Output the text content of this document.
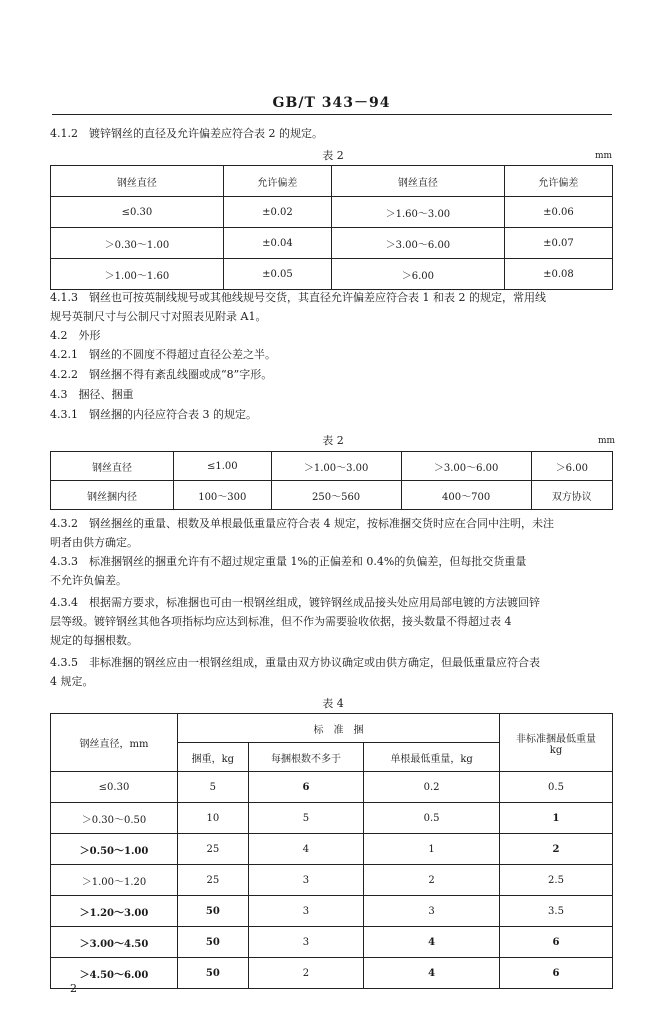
GB/T 343－94
4.1.2　镀锌钢丝的直径及允许偏差应符合表 2 的规定。
表 2	mm
钢丝直径	允许偏差	钢丝直径	允许偏差
≤0.30	±0.02	＞1.60～3.00	±0.06
＞0.30～1.00	±0.04	＞3.00～6.00	±0.07
＞1.00～1.60	±0.05	＞6.00	±0.08
4.1.3　钢丝也可按英制线规号或其他线规号交货，其直径允许偏差应符合表 1 和表 2 的规定，常用线
规号英制尺寸与公制尺寸对照表见附录 A1。
4.2　外形
4.2.1　钢丝的不圆度不得超过直径公差之半。
4.2.2　钢丝捆不得有紊乱线圈或成“8”字形。
4.3　捆径、捆重
4.3.1　钢丝捆的内径应符合表 3 的规定。
表 2	mm
钢丝直径	≤1.00	＞1.00～3.00	＞3.00～6.00	＞6.00
钢丝捆内径	100～300	250～560	400～700	双方协议
4.3.2　钢丝捆丝的重量、根数及单根最低重量应符合表 4 规定，按标准捆交货时应在合同中注明，未注
明者由供方确定。
4.3.3　标准捆钢丝的捆重允许有不超过规定重量 1%的正偏差和 0.4%的负偏差，但每批交货重量
不允许负偏差。
4.3.4　根据需方要求，标准捆也可由一根钢丝组成，镀锌钢丝成品接头处应用局部电镀的方法镀回锌
层等级。镀锌钢丝其他各项指标均应达到标准，但不作为需要验收依据，接头数量不得超过表 4
规定的每捆根数。
4.3.5　非标准捆的钢丝应由一根钢丝组成，重量由双方协议确定或由供方确定，但最低重量应符合表
4 规定。
表 4
钢丝直径，mm	标　准　捆			非标准捆最低重量
kg

	捆重，kg	每捆根数不多于	单根最低重量，kg	
≤0.30	5	6	0.2	0.5
＞0.30～0.50	10	5	0.5	1
＞0.50～1.00	25	4	1	2
＞1.00～1.20	25	3	2	2.5
＞1.20～3.00	50	3	3	3.5
＞3.00～4.50	50	3	4	6
＞4.50～6.00	50	2	4	6
2
